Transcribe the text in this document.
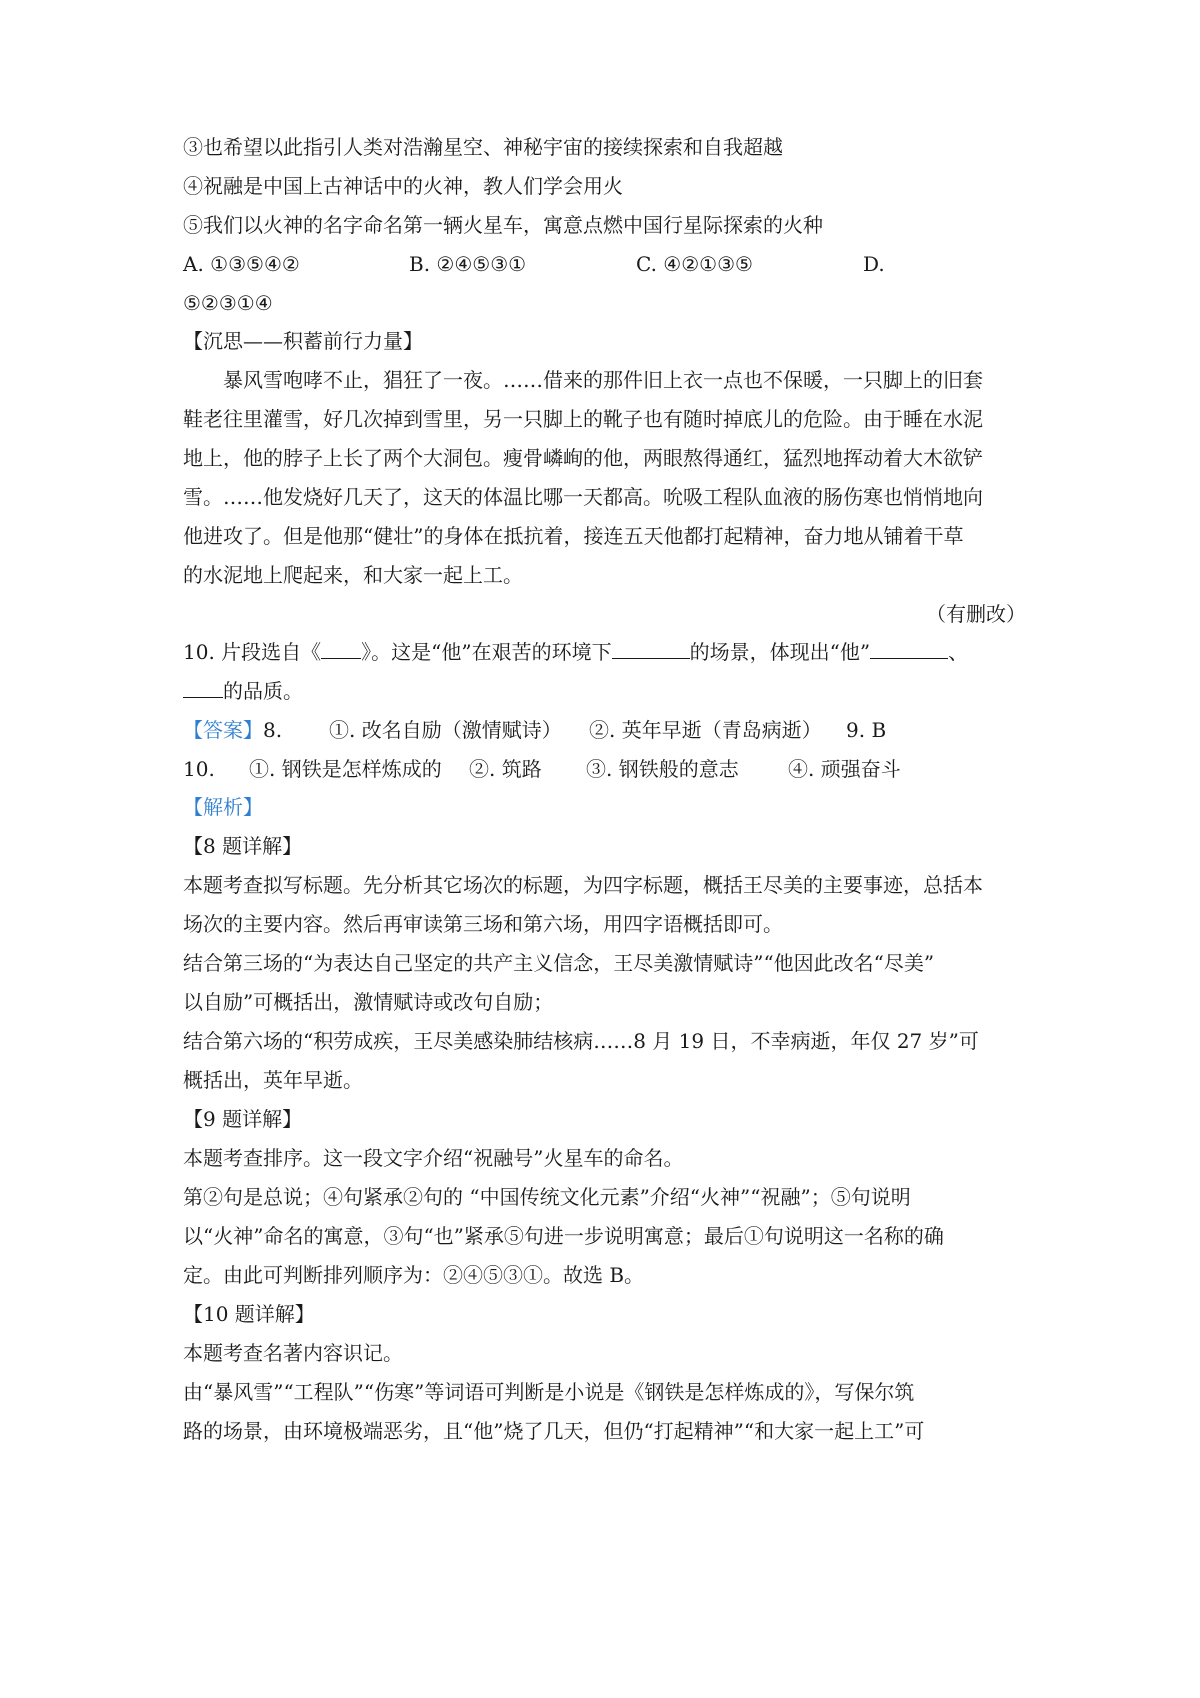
③也希望以此指引人类对浩瀚星空、神秘宇宙的接续探索和自我超越
④祝融是中国上古神话中的火神，教人们学会用火
⑤我们以火神的名字命名第一辆火星车，寓意点燃中国行星际探索的火种
A. ①③⑤④②	B. ②④⑤③①	C. ④②①③⑤	D.
⑤②③①④
【沉思——积蓄前行力量】
暴风雪咆哮不止，猖狂了一夜。……借来的那件旧上衣一点也不保暖，一只脚上的旧套
鞋老往里灌雪，好几次掉到雪里，另一只脚上的靴子也有随时掉底儿的危险。由于睡在水泥
地上，他的脖子上长了两个大洞包。瘦骨嶙峋的他，两眼熬得通红，猛烈地挥动着大木欲铲
雪。……他发烧好几天了，这天的体温比哪一天都高。吮吸工程队血液的肠伤寒也悄悄地向
他进攻了。但是他那“健壮”的身体在抵抗着，接连五天他都打起精神，奋力地从铺着干草
的水泥地上爬起来，和大家一起上工。
（有删改）
10. 片段选自《 》。这是“他”在艰苦的环境下	的场景，体现出“他”	、
的品质。
【答案】 8. ①. 改名自励（激情赋诗） ②. 英年早逝（青岛病逝） 9. B
10. ①. 钢铁是怎样炼成的 ②. 筑路 ③. 钢铁般的意志 ④. 顽强奋斗
【解析】
【8 题详解】
本题考查拟写标题。先分析其它场次的标题，为四字标题，概括王尽美的主要事迹，总括本
场次的主要内容。然后再审读第三场和第六场，用四字语概括即可。
结合第三场的“为表达自己坚定的共产主义信念，王尽美激情赋诗”“他因此改名“尽美”
以自励”可概括出，激情赋诗或改句自励；
结合第六场的“积劳成疾，王尽美感染肺结核病……8 月 19 日，不幸病逝，年仅 27 岁”可
概括出，英年早逝。
【9 题详解】
本题考查排序。这一段文字介绍“祝融号”火星车的命名。
第②句是总说；④句紧承②句的 “中国传统文化元素”介绍“火神”“祝融”；⑤句说明
以“火神”命名的寓意，③句“也”紧承⑤句进一步说明寓意；最后①句说明这一名称的确
定。由此可判断排列顺序为：②④⑤③①。故选 B。
【10 题详解】
本题考查名著内容识记。
由“暴风雪”“工程队”“伤寒”等词语可判断是小说是《钢铁是怎样炼成的》，写保尔筑
路的场景，由环境极端恶劣，且“他”烧了几天，但仍“打起精神”“和大家一起上工”可
